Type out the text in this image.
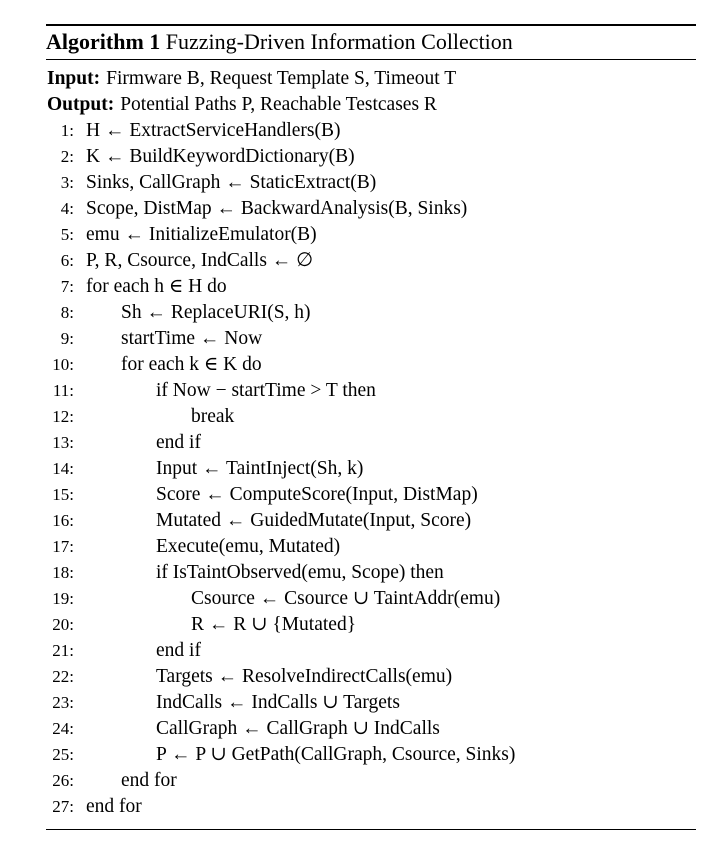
Algorithm 1 Fuzzing-Driven Information Collection
Input: Firmware B, Request Template S, Timeout T
Output: Potential Paths P, Reachable Testcases R
1: H ← ExtractServiceHandlers(B)
2: K ← BuildKeywordDictionary(B)
3: Sinks, CallGraph ← StaticExtract(B)
4: Scope, DistMap ← BackwardAnalysis(B, Sinks)
5: emu ← InitializeEmulator(B)
6: P, R, Csource, IndCalls ← ∅
7: for each h ∈ H do
8: Sh ← ReplaceURI(S, h)
9: startTime ← Now
10: for each k ∈ K do
11:	if Now − startTime > T then
12:	break
13:	end if
14:	Input ← TaintInject(Sh, k)
15:	Score ← ComputeScore(Input, DistMap)
16:	Mutated ← GuidedMutate(Input, Score)
17:	Execute(emu, Mutated)
18:	if IsTaintObserved(emu, Scope) then
19:	Csource ← Csource ∪ TaintAddr(emu)
20:	R ← R ∪ {Mutated}
21:	end if
22:	Targets ← ResolveIndirectCalls(emu)
23:	IndCalls ← IndCalls ∪ Targets
24:	CallGraph ← CallGraph ∪ IndCalls
25:	P ← P ∪ GetPath(CallGraph, Csource, Sinks)
26: end for
27: end for
